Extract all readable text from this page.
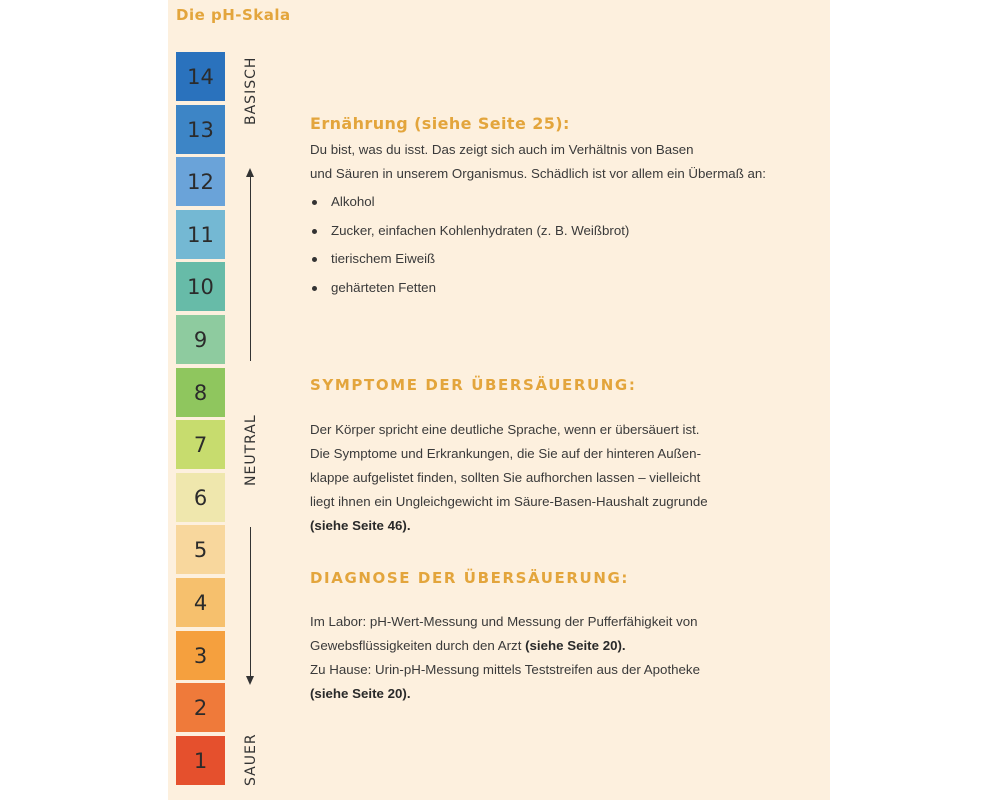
Die pH-Skala
14
13
12
11
10
9
8
7
6
5
4
3
2
1
BASISCH
NEUTRAL
SAUER
Ernährung (siehe Seite 25):
Du bist, was du isst. Das zeigt sich auch im Verhältnis von Basen
und Säuren in unserem Organismus. Schädlich ist vor allem ein Übermaß an:
Alkohol
Zucker, einfachen Kohlenhydraten (z. B. Weißbrot)
tierischem Eiweiß
gehärteten Fetten
SYMPTOME DER ÜBERSÄUERUNG:
Der Körper spricht eine deutliche Sprache, wenn er übersäuert ist.
Die Symptome und Erkrankungen, die Sie auf der hinteren Außen-
klappe aufgelistet finden, sollten Sie aufhorchen lassen – vielleicht
liegt ihnen ein Ungleichgewicht im Säure-Basen-Haushalt zugrunde
(siehe Seite 46).
DIAGNOSE DER ÜBERSÄUERUNG:
Im Labor: pH-Wert-Messung und Messung der Pufferfähigkeit von
Gewebsflüssigkeiten durch den Arzt (siehe Seite 20).
Zu Hause: Urin-pH-Messung mittels Teststreifen aus der Apotheke
(siehe Seite 20).
